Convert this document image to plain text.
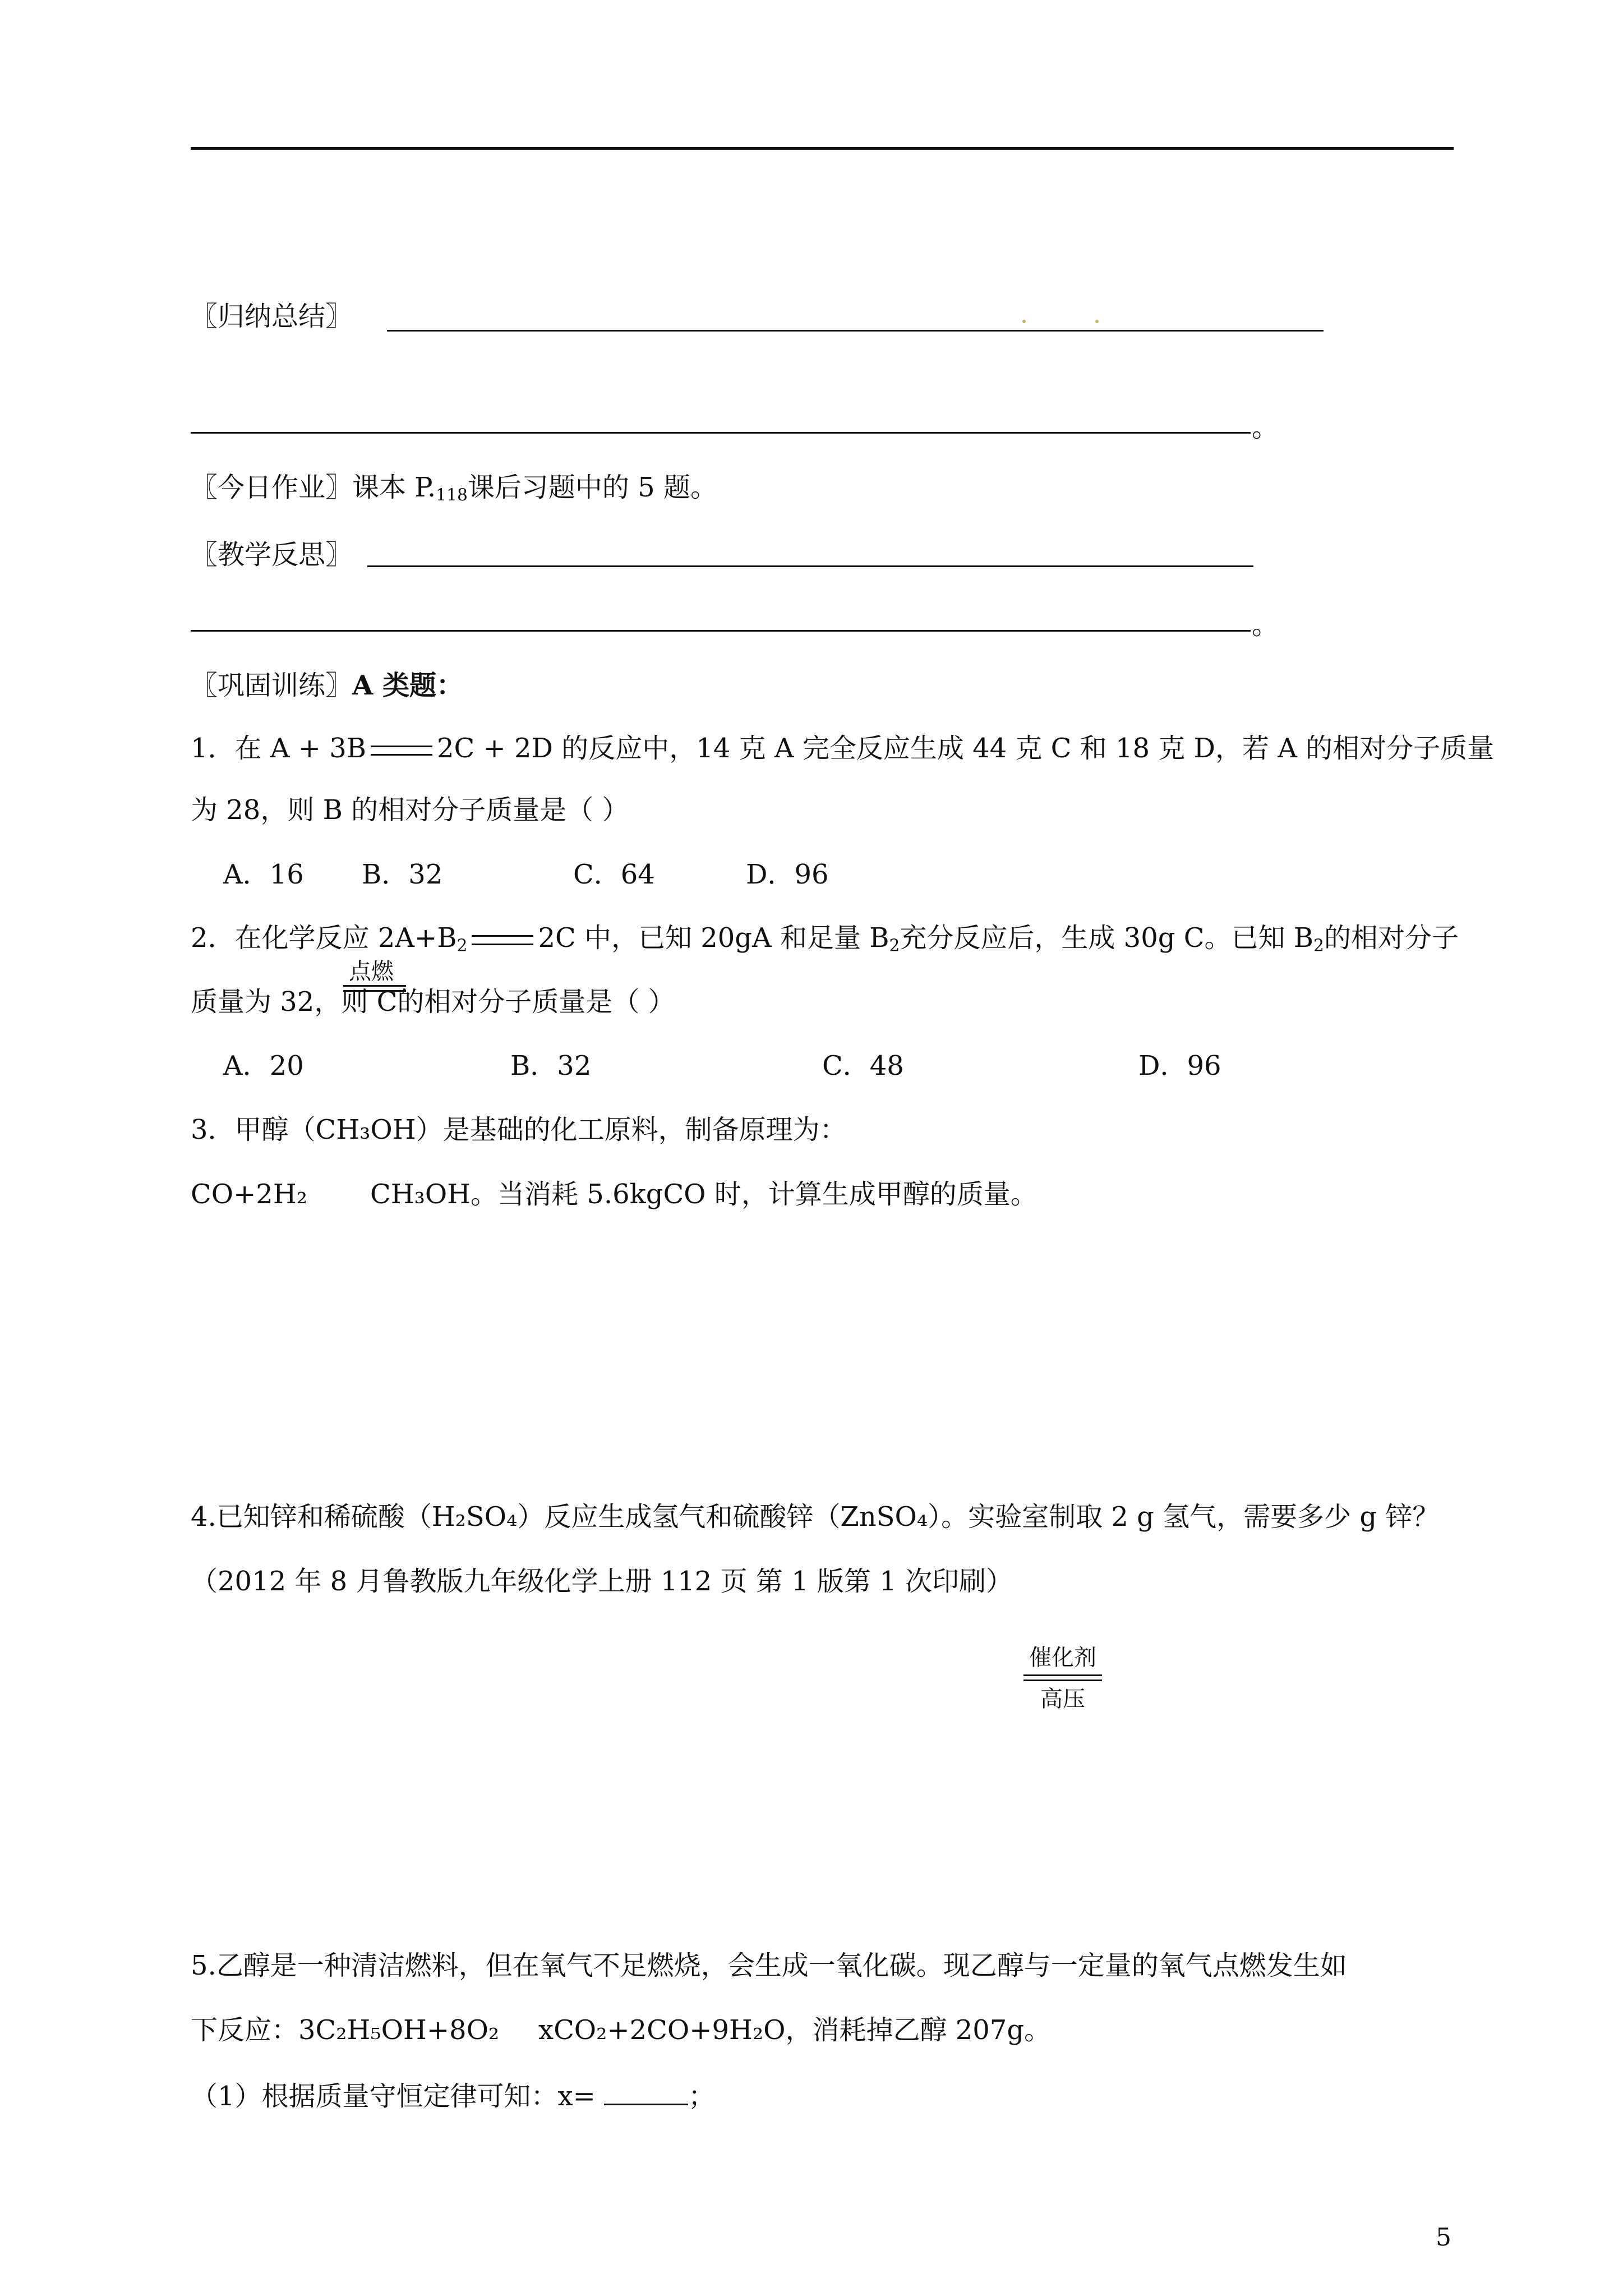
〖归纳总结〗
。
〖今日作业〗课本 $P._{118}$课后习题中的 5 题。
〖教学反思〗
。
〖巩固训练〗A 类题：
1．在 A + 3B	2C + 2D 的反应中，14 克 A 完全反应生成 44 克 C 和 18 克 D，若 A 的相对分子质量
为 28，则 B 的相对分子质量是（ ）
A．16 B．32	C．64	D．96
2．在化学反应 $2A+B_2$	2C 中，已知 20gA 和足量 $B_2$充分反应后，生成 30g C。已知 $B_2$的相对分子
点燃
质量为 32，则 C的相对分子质量是（ ）
A．20	B．32	C．48	D．96
3．甲醇（CH₃OH）是基础的化工原料，制备原理为：
CO+2H₂ CH₃OH。当消耗 5.6kgCO 时，计算生成甲醇的质量。
4.已知锌和稀硫酸（H₂SO₄）反应生成氢气和硫酸锌（ZnSO₄）。实验室制取 2 g 氢气，需要多少 g 锌？
（2012 年 8 月鲁教版九年级化学上册 112 页 第 1 版第 1 次印刷）
催化剂
高压
5.乙醇是一种清洁燃料，但在氧气不足燃烧，会生成一氧化碳。现乙醇与一定量的氧气点燃发生如
下反应：3C₂H₅OH+8O₂ xCO₂+2CO+9H₂O，消耗掉乙醇 207g。
（1）根据质量守恒定律可知：x=	；
5
